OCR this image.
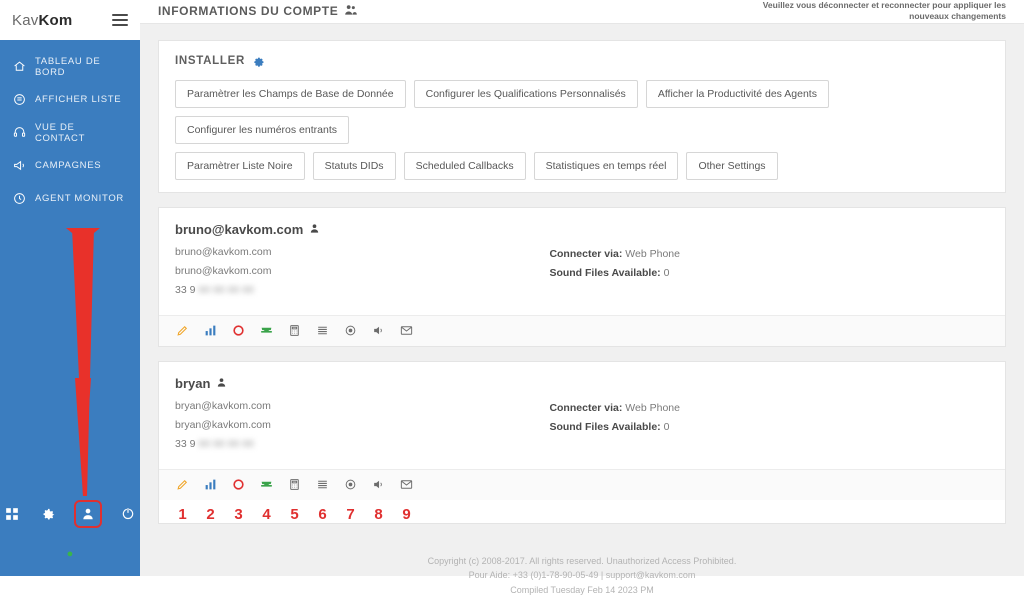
KavKom
TABLEAU DE BORD
AFFICHER LISTE
VUE DE CONTACT
CAMPAGNES
AGENT MONITOR
●
INFORMATIONS DU COMPTE	Veuillez vous déconnecter et reconnecter pour appliquer les
nouveaux changements
INSTALLER
Paramètrer les Champs de Base de Donnée	Configurer les Qualifications Personnalisés	Afficher la Productivité des Agents
Configurer les numéros entrants
Paramètrer Liste Noire	Statuts DIDs	Scheduled Callbacks	Statistiques en temps réel	Other Settings
bruno@kavkom.com
bruno@kavkom.com
bruno@kavkom.com
33 9 00 00 00 00
Connecter via: Web Phone
Sound Files Available: 0
bryan
bryan@kavkom.com
bryan@kavkom.com
33 9 00 00 00 00
Connecter via: Web Phone
Sound Files Available: 0
1 2 3 4 5 6 7 8 9
Copyright (c) 2008-2017. All rights reserved. Unauthorized Access Prohibited.
Pour Aide: +33 (0)1-78-90-05-49 | support@kavkom.com
Compiled Tuesday Feb 14 2023 PM
